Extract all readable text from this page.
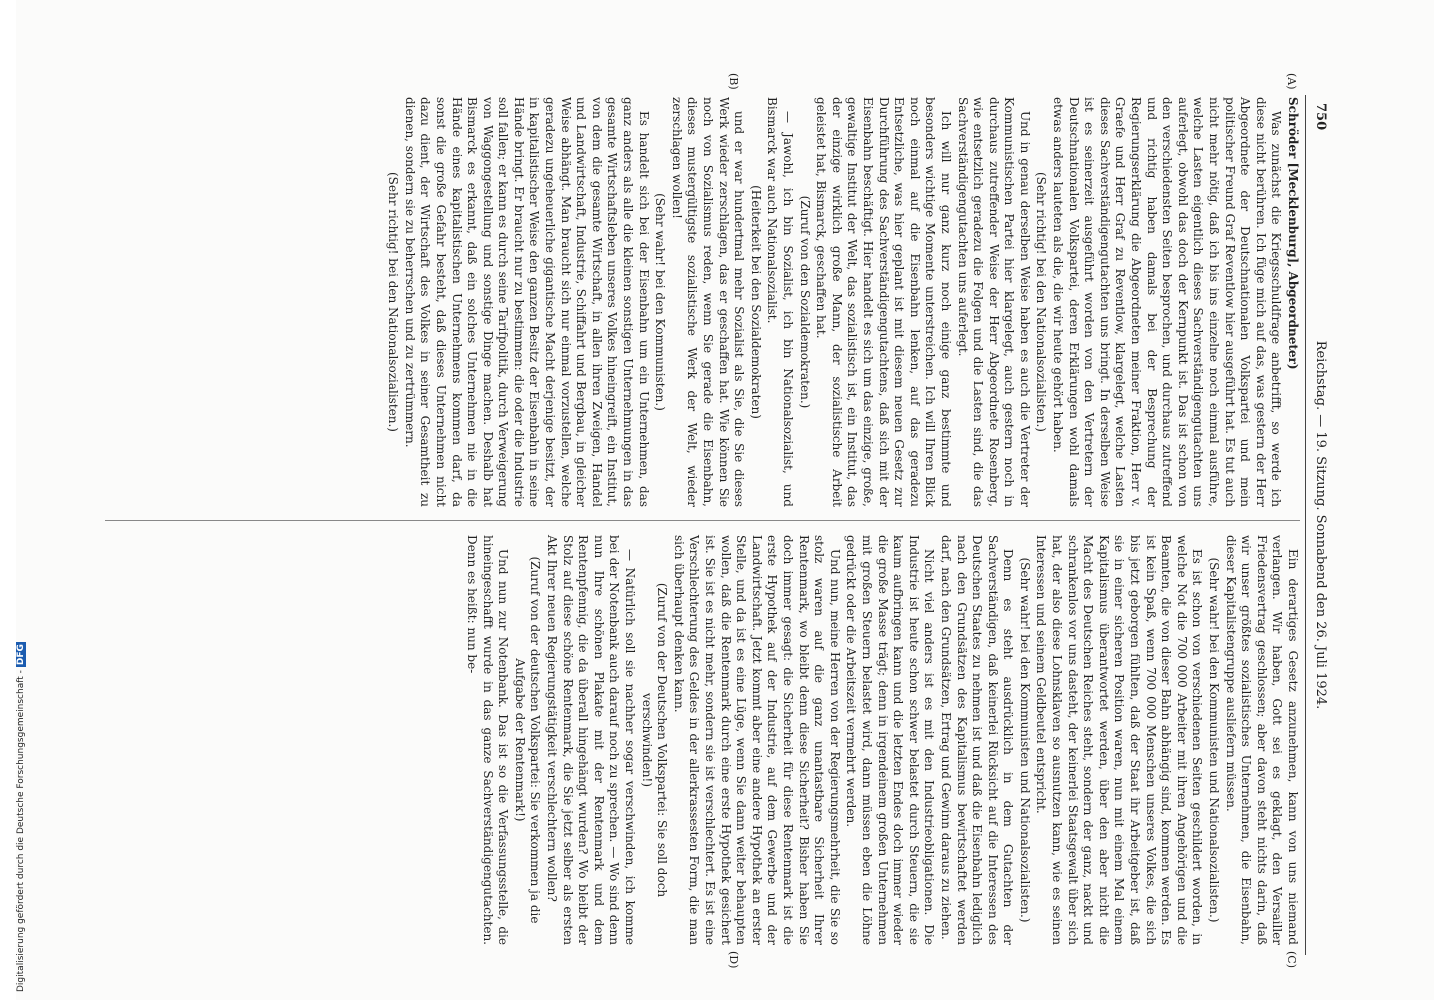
750
Reichstag. — 19. Sitzung. Sonnabend den 26. Juli 1924.
(A)
(B)
(C)
(D)

Schröder [Mecklenburg], Abgeordneter)

Was zunächst die Kriegsschuldfrage anbetrifft, so werde ich diese nicht berühren. Ich füge mich auf das, was gestern der Herr Abgeordnete der Deutschnationalen Volkspartei und mein politischer Freund Graf Reventlow hier ausgeführt hat. Es tut auch nicht mehr nötig, daß ich bis ins einzelne noch einmal ausführe, welche Lasten eigentlich dieses Sachverständigengutachten uns auferlegt, obwohl das doch der Kernpunkt ist. Das ist schon von den verschiedensten Seiten besprochen, und durchaus zutreffend und richtig haben damals bei der Besprechung der Regierungserklärung die Abgeordneten meiner Fraktion, Herr v. Graefe und Herr Graf zu Reventlow, klargelegt, welche Lasten dieses Sachverständigengutachten uns bringt. In derselben Weise ist es seinerzeit ausgeführt worden von den Vertretern der Deutschnationalen Volkspartei, deren Erklärungen wohl damals etwas anders lauteten als die, die wir heute gehört haben.

(Sehr richtig! bei den Nationalsozialisten.)

Und in genau derselben Weise haben es auch die Vertreter der Kommunistischen Partei hier klargelegt, auch gestern noch in durchaus zutreffender Weise der Herr Abgeordnete Rosenberg, wie entsetzlich geradezu die Folgen und die Lasten sind, die das Sachverständigengutachten uns auferlegt.

Ich will nur ganz kurz noch einige ganz bestimmte und besonders wichtige Momente unterstreichen. Ich will Ihren Blick noch einmal auf die Eisenbahn lenken, auf das geradezu Entsetzliche, was hier geplant ist mit diesem neuen Gesetz zur Durchführung des Sachverständigengutachtens, daß sich mit der Eisenbahn beschäftigt. Hier handelt es sich um das einzige, große, gewaltige Institut der Welt, das sozialistisch ist, ein Institut, das der einzige wirklich große Mann, der sozialistische Arbeit geleistet hat, Bismarck, geschaffen hat.

(Zuruf von den Sozialdemokraten.)

— Jawohl, ich bin Sozialist, ich bin Nationalsozialist, und Bismarck war auch Nationalsozialist.

(Heiterkeit bei den Sozialdemokraten)

und er war hundertmal mehr Sozialist als Sie, die Sie dieses Werk wieder zerschlagen, das er geschaffen hat. Wie können Sie noch von Sozialismus reden, wenn Sie gerade die Eisenbahn, dieses mustergültigste sozialistische Werk der Welt, wieder zerschlagen wollen!

(Sehr wahr! bei den Kommunisten.)

Es handelt sich bei der Eisenbahn um ein Unternehmen, das ganz anders als alle die kleinen sonstigen Unternehmungen in das gesamte Wirtschaftsleben unseres Volkes hineingreift, ein Institut, von dem die gesamte Wirtschaft, in allen ihren Zweigen, Handel und Landwirtschaft, Industrie, Schiffahrt und Bergbau, in gleicher Weise abhängt. Man braucht sich nur einmal vorzustellen, welche geradezu ungeheuerliche gigantische Macht derjenige besitzt, der in kapitalistischer Weise den ganzen Besitz der Eisenbahn in seine Hände bringt. Er braucht nur zu bestimmen: die oder die Industrie soll fallen; er kann es durch seine Tarifpolitik, durch Verweigerung von Waggongestellung und sonstige Dinge machen. Deshalb hat Bismarck es erkannt, daß ein solches Unternehmen nie in die Hände eines kapitalistischen Unternehmens kommen darf, da sonst die große Gefahr besteht, daß dieses Unternehmen nicht dazu dient, der Wirtschaft des Volkes in seiner Gesamtheit zu dienen, sondern sie zu beherrschen und zu zertrümmern.

(Sehr richtig! bei den Nationalsozialisten.)

Ein derartiges Gesetz anzunehmen, kann von uns niemand verlangen. Wir haben, Gott sei es geklagt, den Versailler Friedensvertrag geschlossen; aber davon steht nichts darin, daß wir unser größtes sozialistisches Unternehmen, die Eisenbahn, dieser Kapitalistengruppe ausliefern müssen.

(Sehr wahr! bei den Kommunisten und Nationalsozialisten.)

Es ist schon von verschiedenen Seiten geschildert worden, in welche Not die 700 000 Arbeiter mit ihren Angehörigen und die Beamten, die von dieser Bahn abhängig sind, kommen werden. Es ist kein Spaß, wenn 700 000 Menschen unseres Volkes, die sich bis jetzt geborgen fühlten, daß der Staat ihr Arbeitgeber ist, daß sie in einer sicheren Position waren, nun mit einem Mal einem Kapitalismus überantwortet werden, über den aber nicht die Macht des Deutschen Reiches steht, sondern der ganz, nackt und schrankenlos vor uns dasteht, der keinerlei Staatsgewalt über sich hat, der also diese Lohnsklaven so ausnutzen kann, wie es seinen Interessen und seinem Geldbeutel entspricht.

(Sehr wahr! bei den Kommunisten und Nationalsozialisten.)

Denn es steht ausdrücklich in dem Gutachten der Sachverständigen, daß keinerlei Rücksicht auf die Interessen des Deutschen Staates zu nehmen ist und daß die Eisenbahn lediglich nach den Grundsätzen des Kapitalismus bewirtschaftet werden darf, nach den Grundsätzen, Ertrag und Gewinn daraus zu ziehen.

Nicht viel anders ist es mit den Industrieobligationen. Die Industrie ist heute schon schwer belastet durch Steuern, die sie kaum aufbringen kann und die letzten Endes doch immer wieder die große Masse trägt; denn in irgendeinem großen Unternehmen mit großen Steuern belastet wird, dann müssen eben die Löhne gedrückt oder die Arbeitszeit vermehrt werden.

Und nun, meine Herren von der Regierungsmehrheit, die Sie so stolz waren auf die ganz unantastbare Sicherheit Ihrer Rentenmark, wo bleibt denn diese Sicherheit? Bisher haben Sie doch immer gesagt: die Sicherheit für diese Rentenmark ist die erste Hypothek auf der Industrie, auf dem Gewerbe und der Landwirtschaft. Jetzt kommt aber eine andere Hypothek an erster Stelle, und da ist es eine Lüge, wenn Sie dann weiter behaupten wollen, daß die Rentenmark durch eine erste Hypothek gesichert ist. Sie ist es nicht mehr, sondern sie ist verschlechtert. Es ist eine Verschlechterung des Geldes in der allerkrassesten Form, die man sich überhaupt denken kann.

(Zuruf von der Deutschen Volkspartei: Sie soll doch verschwinden!)

— Natürlich soll sie nachher sogar verschwinden, ich komme bei der Notenbank auch darauf noch zu sprechen. — Wo sind denn nun Ihre schönen Plakate mit der Rentenmark und dem Rentenpfennig, die da überall hingehängt wurden? Wo bleibt der Stolz auf diese schöne Rentenmark, die Sie jetzt selber als ersten Akt Ihrer neuen Regierungstätigkeit verschlechtern wollen?

(Zuruf von der deutschen Volkspartei: Sie verkommen ja die Aufgabe der Rentenmark!)

Und nun zur Notenbank. Das ist so die Verfassungsstelle, die hineingeschafft wurde in das ganze Sachverständigengutachten. Denn es heißt: nun be-

Digitalisierung gefördert durch die Deutsche Forschungsgemeinschaft -DFG
